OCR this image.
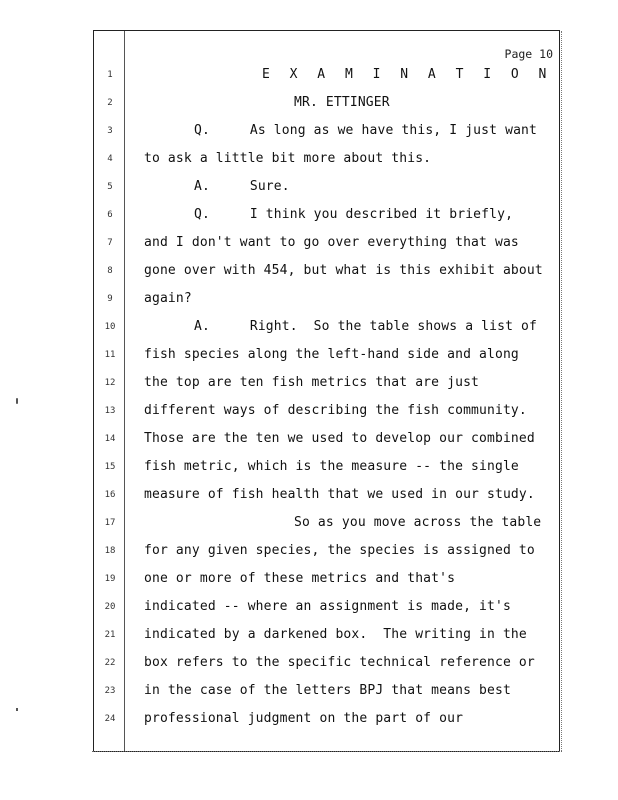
Page 10
1	E X A M I N A T I O N
2	MR. ETTINGER
3	Q.     As long as we have this, I just want
4	to ask a little bit more about this.
5	A.     Sure.
6	Q.     I think you described it briefly,
7	and I don't want to go over everything that was
8	gone over with 454, but what is this exhibit about
9	again?
10	A.     Right.  So the table shows a list of
11	fish species along the left-hand side and along
12	the top are ten fish metrics that are just
13	different ways of describing the fish community.
14	Those are the ten we used to develop our combined
15	fish metric, which is the measure -- the single
16	measure of fish health that we used in our study.
17	So as you move across the table
18	for any given species, the species is assigned to
19	one or more of these metrics and that's
20	indicated -- where an assignment is made, it's
21	indicated by a darkened box.  The writing in the
22	box refers to the specific technical reference or
23	in the case of the letters BPJ that means best
24	professional judgment on the part of our
